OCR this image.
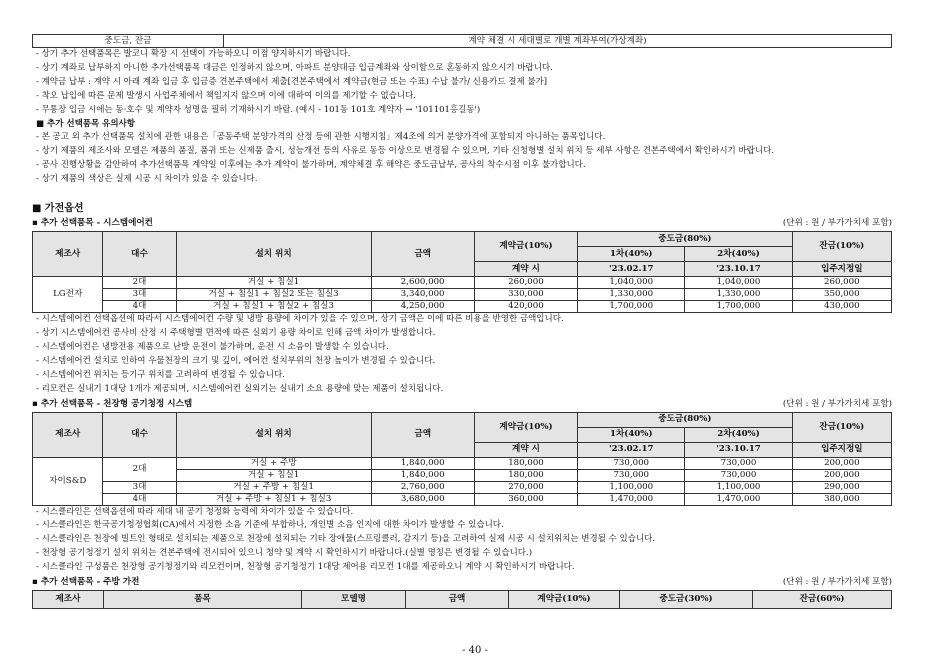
중도금, 잔금	계약 체결 시 세대별로 개별 계좌부여(가상계좌)

- 상기 추가 선택품목은 발코니 확장 시 선택이 가능하오니 이점 양지하시기 바랍니다.

- 상기 계좌로 납부하지 아니한 추가선택품목 대금은 인정하지 않으며, 아파트 분양대금 입금계좌와 상이함으로 혼동하지 않으시기 바랍니다.

- 계약금 납부 : 계약 시 아래 계좌 입금 후 입금증 견본주택에서 제출[견본주택에서 계약금(현금 또는 수표) 수납 불가/ 신용카드 결제 불가]

- 착오 납입에 따른 문제 발생시 사업주체에서 책임지지 않으며 이에 대하여 이의를 제기할 수 없습니다.

- 무통장 입금 시에는 동·호수 및 계약자 성명을 필히 기재하시기 바람. (예시 - 101동 101호 계약자 → '101101홍길동')

■ 추가 선택품목 유의사항

- 본 공고 외 추가 선택품목 설치에 관한 내용은「공동주택 분양가격의 산정 등에 관한 시행지침」제4조에 의거 분양가격에 포함되지 아니하는 품목입니다.

- 상기 제품의 제조사와 모델은 제품의 품질, 품귀 또는 신제품 출시, 성능개선 등의 사유로 동등 이상으로 변경될 수 있으며, 기타 신청형별 설치 위치 등 세부 사항은 견본주택에서 확인하시기 바랍니다.

- 공사 진행상황을 감안하여 추가선택품목 계약일 이후에는 추가 계약이 불가하며, 계약체결 후 해약은 중도금납부, 공사의 착수시점 이후 불가합니다.

- 상기 제품의 색상은 실제 시공 시 차이가 있을 수 있습니다.

■ 가전옵션

▪ 추가 선택품목 - 시스템에어컨	(단위 : 원 / 부가가치세 포함)
제조사	대수	설치 위치	금액	계약금(10%)	중도금(80%)		잔금(10%)
					1차(40%)	2차(40%)	
				계약 시	'23.02.17	'23.10.17	입주지정일
LG전자	2대	거실 + 침실1	2,600,000	260,000	1,040,000	1,040,000	260,000
	3대	거실 + 침실1 + 침실2 또는 침실3	3,340,000	330,000	1,330,000	1,330,000	350,000
	4대	거실 + 침실1 + 침실2 + 침실3	4,250,000	420,000	1,700,000	1,700,000	430,000

- 시스템에어컨 선택옵션에 따라서 시스템에어컨 수량 및 냉방 용량에 차이가 있을 수 있으며, 상기 금액은 이에 따른 비용을 반영한 금액입니다.

- 상기 시스템에어컨 공사비 산정 시 주택형별 면적에 따른 실외기 용량 차이로 인해 금액 차이가 발생합니다.

- 시스템에어컨은 냉방전용 제품으로 난방 운전이 불가하며, 운전 시 소음이 발생할 수 있습니다.

- 시스템에어컨 설치로 인하여 우물천장의 크기 및 깊이, 에어컨 설치부위의 천장 높이가 변경될 수 있습니다.

- 시스템에어컨 위치는 등기구 위치를 고려하여 변경될 수 있습니다.

- 리모컨은 실내기 1대당 1개가 제공되며, 시스템에어컨 실외기는 실내기 소요 용량에 맞는 제품이 설치됩니다.

▪ 추가 선택품목 - 천장형 공기청정 시스템	(단위 : 원 / 부가가치세 포함)
제조사	대수	설치 위치	금액	계약금(10%)	중도금(80%)		잔금(10%)
					1차(40%)	2차(40%)	
				계약 시	'23.02.17	'23.10.17	입주지정일
자이S&D	2대	거실 + 주방	1,840,000	180,000	730,000	730,000	200,000
		거실 + 침실1	1,840,000	180,000	730,000	730,000	200,000
	3대	거실 + 주방 + 침실1	2,760,000	270,000	1,100,000	1,100,000	290,000
	4대	거실 + 주방 + 침실1 + 침실3	3,680,000	360,000	1,470,000	1,470,000	380,000

- 시스클라인은 선택옵션에 따라 세대 내 공기 청정화 능력에 차이가 있을 수 있습니다.

- 시스클라인은 한국공기청정협회(CA)에서 지정한 소음 기준에 부합하나, 개인별 소음 인지에 대한 차이가 발생할 수 있습니다.

- 시스클라인은 천장에 빌트인 형태로 설치되는 제품으로 천장에 설치되는 기타 장애물(스프링클러, 감지기 등)을 고려하여 실제 시공 시 설치위치는 변경될 수 있습니다.

- 천장형 공기청정기 설치 위치는 견본주택에 전시되어 있으니 청약 및 계약 시 확인하시기 바랍니다.(실별 명칭은 변경될 수 있습니다.)

- 시스클라인 구성품은 천장형 공기청정기와 리모컨이며, 천장형 공기청정기 1대당 제어용 리모컨 1대를 제공하오니 계약 시 확인하시기 바랍니다.

▪ 추가 선택품목 - 주방 가전	(단위 : 원 / 부가가치세 포함)
제조사	품목	모델명	금액	계약금(10%)	중도금(30%)	잔금(60%)
- 40 -
